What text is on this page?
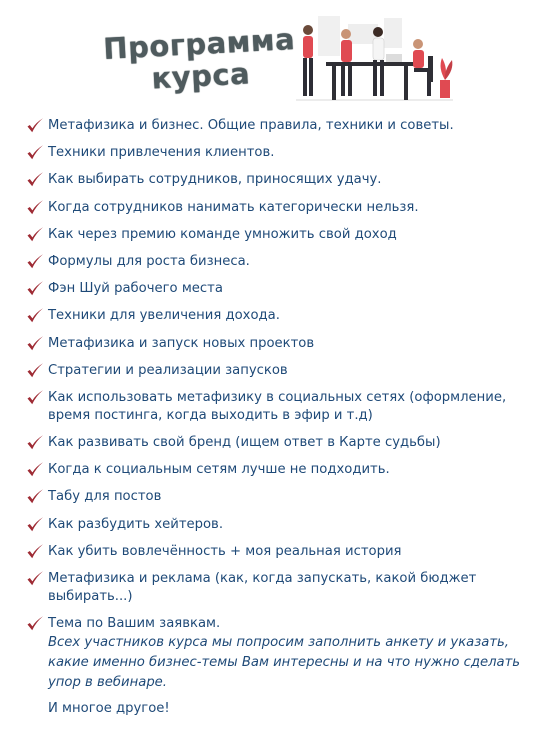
Программа
курса
Метафизика и бизнес. Общие правила, техники и советы.
Техники привлечения клиентов.
Как выбирать сотрудников, приносящих удачу.
Когда сотрудников нанимать категорически нельзя.
Как через премию команде умножить свой доход
Формулы для роста бизнеса.
Фэн Шуй рабочего места
Техники для увеличения дохода.
Метафизика и запуск новых проектов
Стратегии и реализации запусков
Как использовать метафизику в социальных сетях (оформление, время постинга, когда выходить в эфир и т.д)
Как развивать свой бренд (ищем ответ в Карте судьбы)
Когда к социальным сетям лучше не подходить.
Табу для постов
Как разбудить хейтеров.
Как убить вовлечённость + моя реальная история
Метафизика и реклама (как, когда запускать, какой бюджет выбирать...)
Тема по Вашим заявкам.

Всех участников курса мы попросим заполнить анкету и указать, какие именно бизнес-темы Вам интересны и на что нужно сделать упор в вебинаре.

И многое другое!
